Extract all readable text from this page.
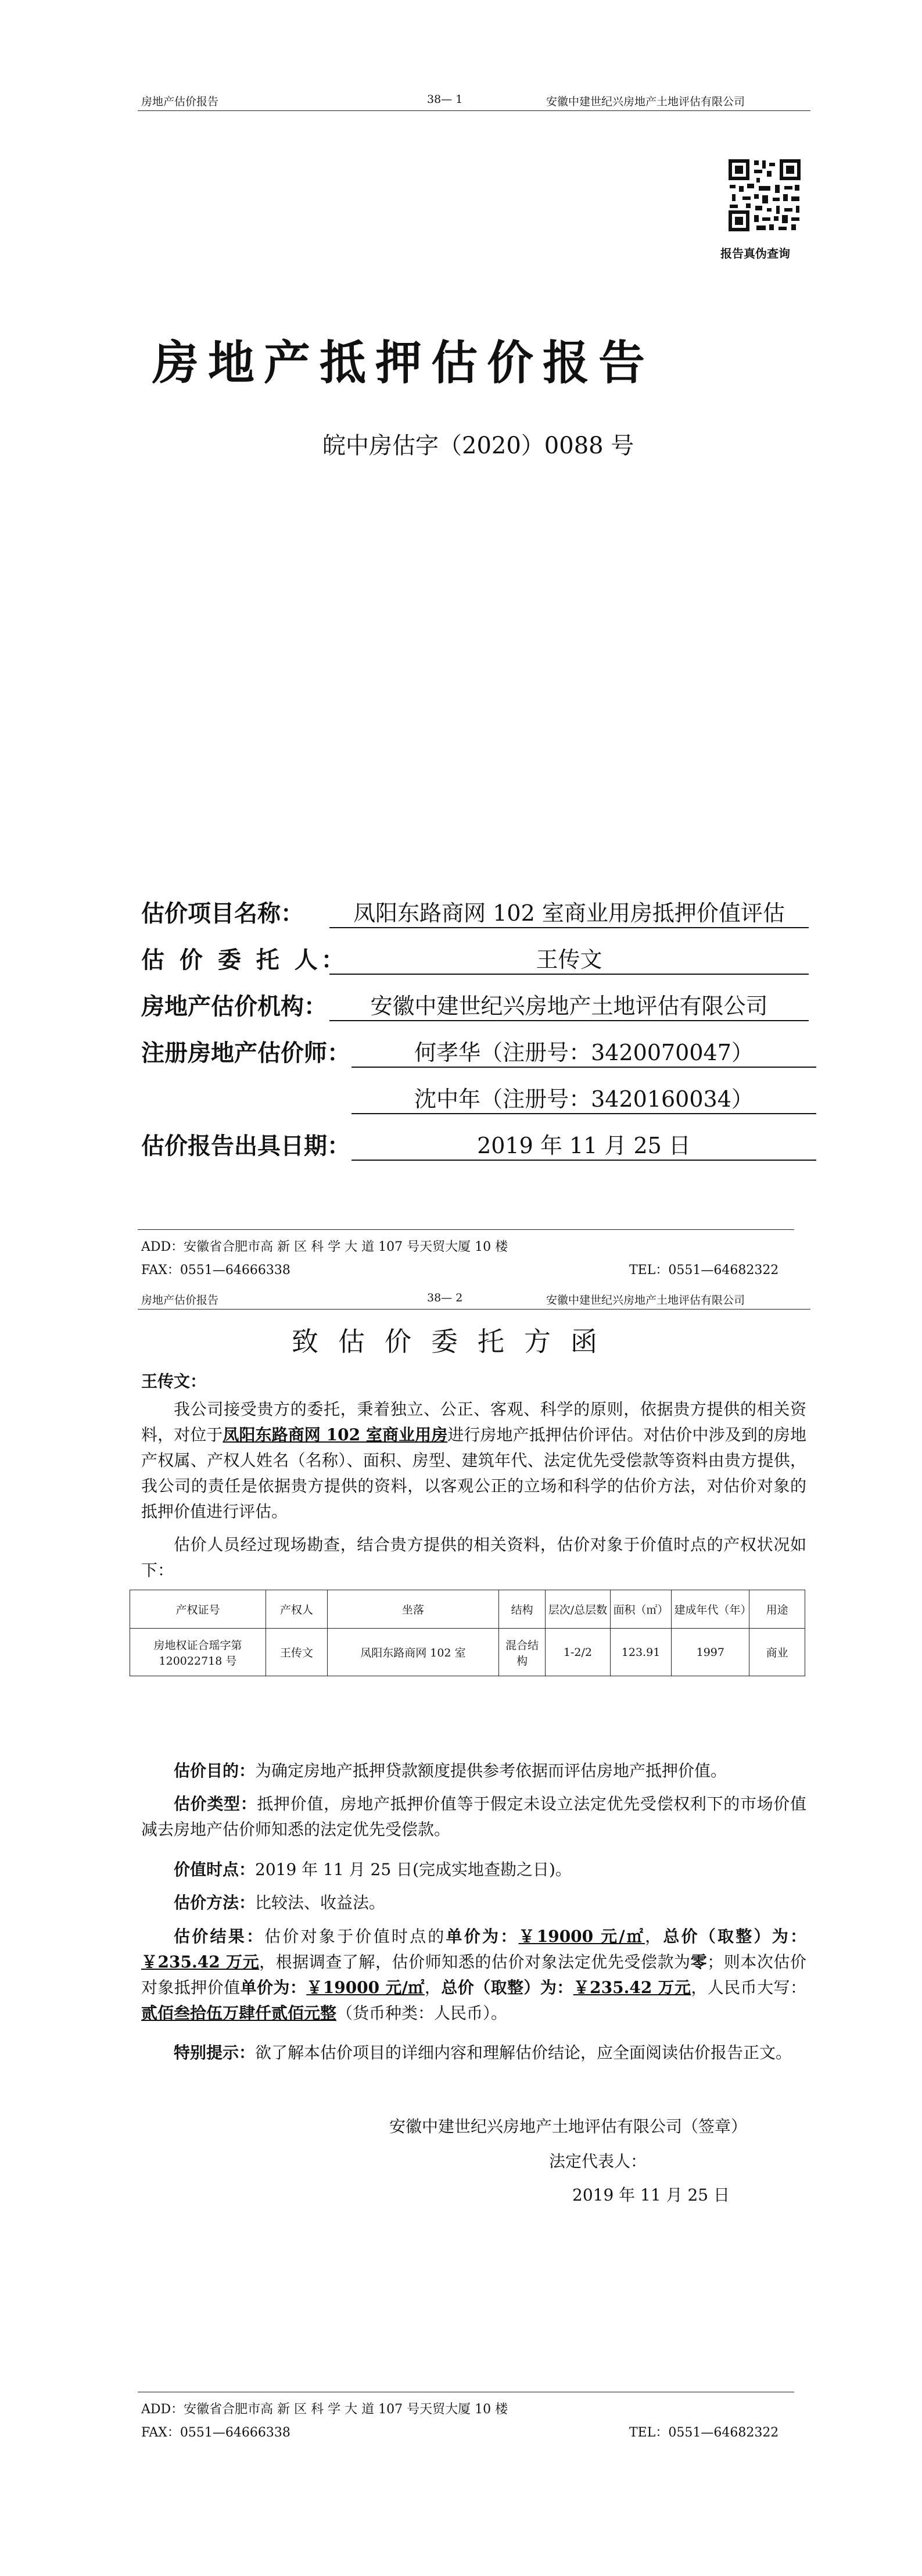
房地产估价报告	38— 1	安徽中建世纪兴房地产土地评估有限公司
报告真伪查询
房地产抵押估价报告
皖中房估字（2020）0088 号
估价项目名称：	凤阳东路商网 102 室商业用房抵押价值评估
估 价 委 托 人：	王传文
房地产估价机构：	安徽中建世纪兴房地产土地评估有限公司
注册房地产估价师：	何孝华（注册号：3420070047）
沈中年（注册号：3420160034）
估价报告出具日期：	2019 年 11 月 25 日
ADD：安徽省合肥市高 新 区 科 学 大 道 107 号天贸大厦 10 楼
FAX：0551—64666338	TEL：0551—64682322
房地产估价报告	38— 2	安徽中建世纪兴房地产土地评估有限公司
致估价委托方函
王传文：
我公司接受贵方的委托，秉着独立、公正、客观、科学的原则，依据贵方提供的相关资料，对位于凤阳东路商网 102 室商业用房进行房地产抵押估价评估。对估价中涉及到的房地产权属、产权人姓名（名称）、面积、房型、建筑年代、法定优先受偿款等资料由贵方提供，我公司的责任是依据贵方提供的资料，以客观公正的立场和科学的估价方法，对估价对象的抵押价值进行评估。
估价人员经过现场勘查，结合贵方提供的相关资料，估价对象于价值时点的产权状况如下：
产权证号	产权人	坐落	结构	层次/总层数	面积（㎡）	建成年代（年）	用途
房地权证合瑶字第 120022718 号	王传文	凤阳东路商网 102 室	混合结构	1-2/2	123.91	1997	商业
估价目的：为确定房地产抵押贷款额度提供参考依据而评估房地产抵押价值。
估价类型：抵押价值，房地产抵押价值等于假定未设立法定优先受偿权利下的市场价值减去房地产估价师知悉的法定优先受偿款。
价值时点：2019 年 11 月 25 日(完成实地查勘之日)。
估价方法：比较法、收益法。
估价结果：估价对象于价值时点的单价为：￥19000 元/㎡，总价（取整）为：￥235.42 万元，根据调查了解，估价师知悉的估价对象法定优先受偿款为零；则本次估价对象抵押价值单价为：￥19000 元/㎡，总价（取整）为：￥235.42 万元，人民币大写：贰佰叁拾伍万肆仟贰佰元整（货币种类：人民币）。
特别提示：欲了解本估价项目的详细内容和理解估价结论，应全面阅读估价报告正文。
安徽中建世纪兴房地产土地评估有限公司（签章）
法定代表人：
2019 年 11 月 25 日
ADD：安徽省合肥市高 新 区 科 学 大 道 107 号天贸大厦 10 楼
FAX：0551—64666338	TEL：0551—64682322
